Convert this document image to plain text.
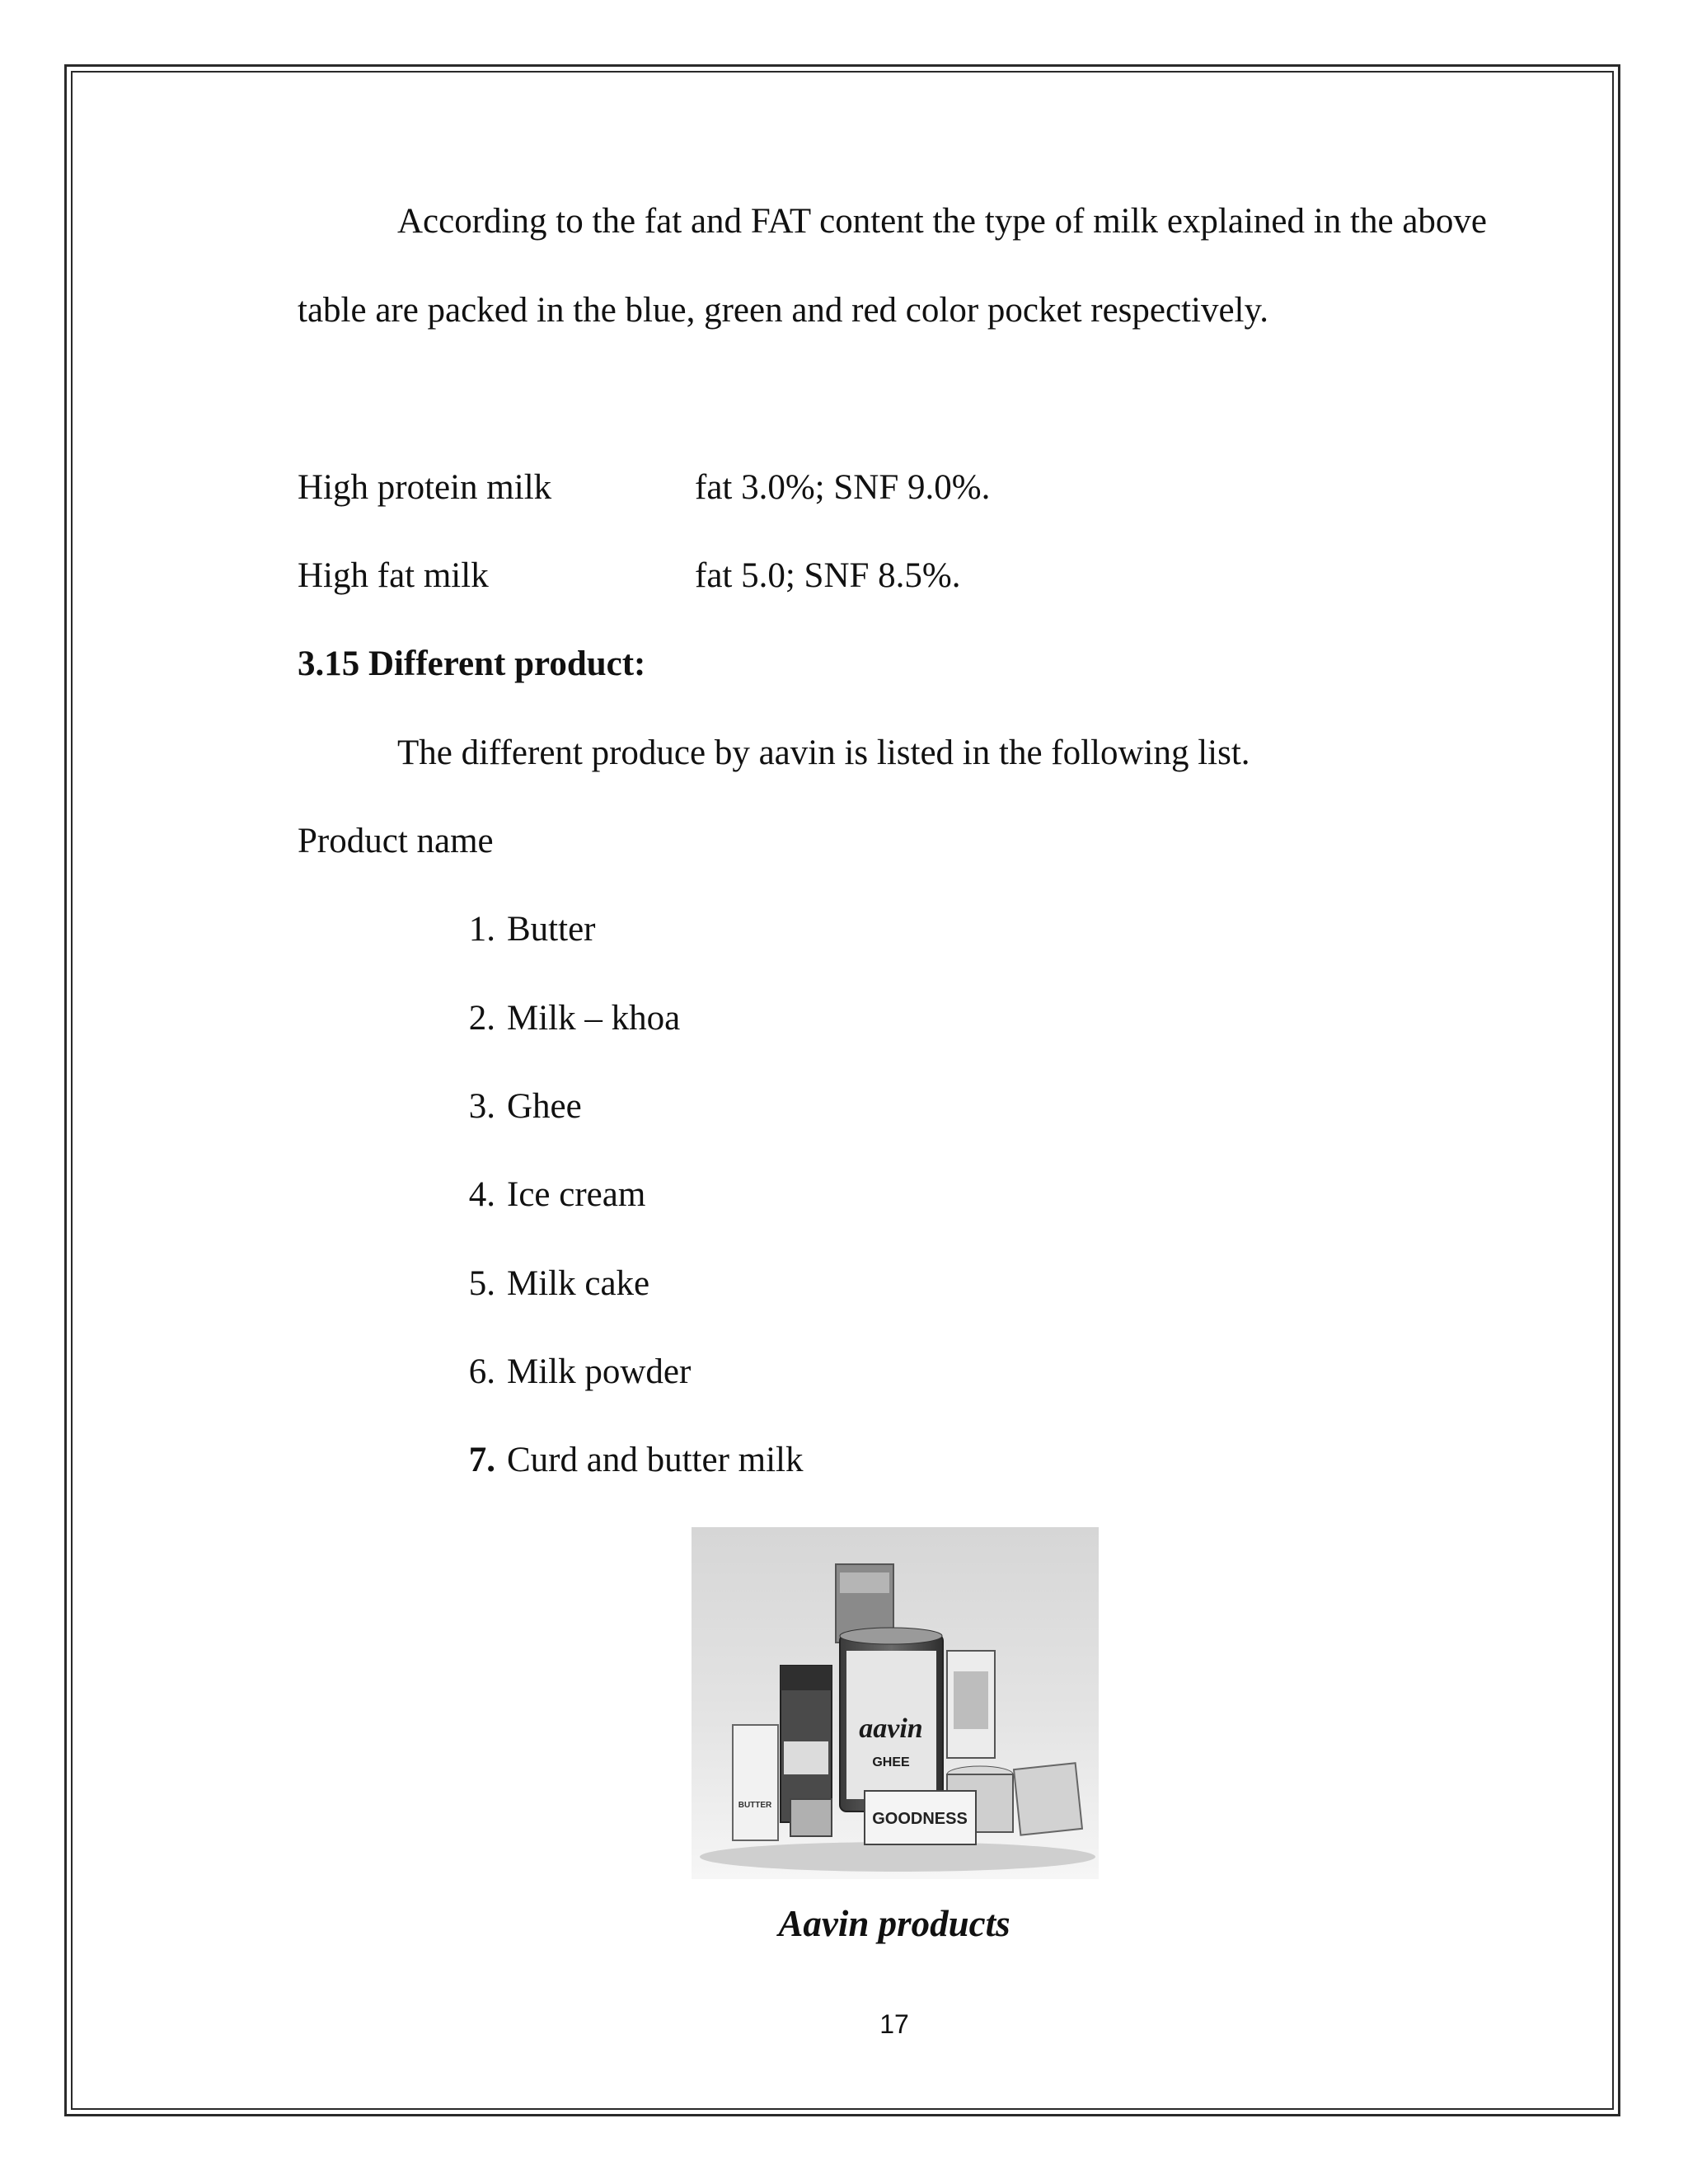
According to the fat and FAT content the type of milk explained in the above table are packed in the blue, green and red color pocket respectively.
High protein milk	fat 3.0%; SNF 9.0%.
High fat milk	fat 5.0; SNF 8.5%.
3.15 Different product:
The different produce by aavin is listed in the following list.
Product name
1. Butter
2. Milk – khoa
3. Ghee
4. Ice cream
5. Milk cake
6. Milk powder
7. Curd and butter milk
aavin
GHEE
BUTTER
GOODNESS
Aavin products
17
